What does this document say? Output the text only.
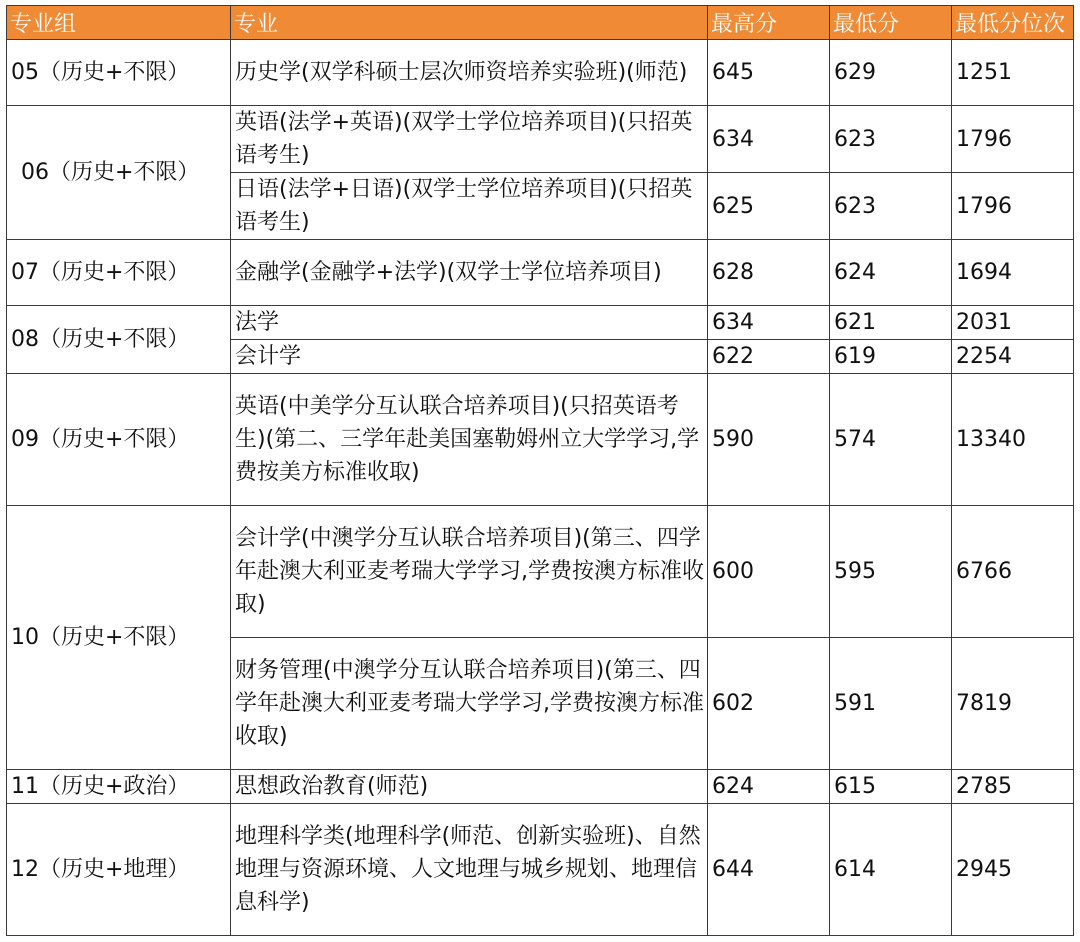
专业组	专业	最高分	最低分	最低分位次
05（历史+不限）	历史学(双学科硕士层次师资培养实验班)(师范)	645	629	1251
06（历史+不限）	英语(法学+英语)(双学士学位培养项目)(只招英语考生)	634	623	1796
	日语(法学+日语)(双学士学位培养项目)(只招英语考生)	625	623	1796
07（历史+不限）	金融学(金融学+法学)(双学士学位培养项目)	628	624	1694
08（历史+不限）	法学	634	621	2031
	会计学	622	619	2254
09（历史+不限）	英语(中美学分互认联合培养项目)(只招英语考生)(第二、三学年赴美国塞勒姆州立大学学习,学费按美方标准收取)	590	574	13340
10（历史+不限）	会计学(中澳学分互认联合培养项目)(第三、四学年赴澳大利亚麦考瑞大学学习,学费按澳方标准收取)	600	595	6766
	财务管理(中澳学分互认联合培养项目)(第三、四学年赴澳大利亚麦考瑞大学学习,学费按澳方标准收取)	602	591	7819
11（历史+政治）	思想政治教育(师范)	624	615	2785
12（历史+地理）	地理科学类(地理科学(师范、创新实验班)、自然地理与资源环境、人文地理与城乡规划、地理信息科学)	644	614	2945
